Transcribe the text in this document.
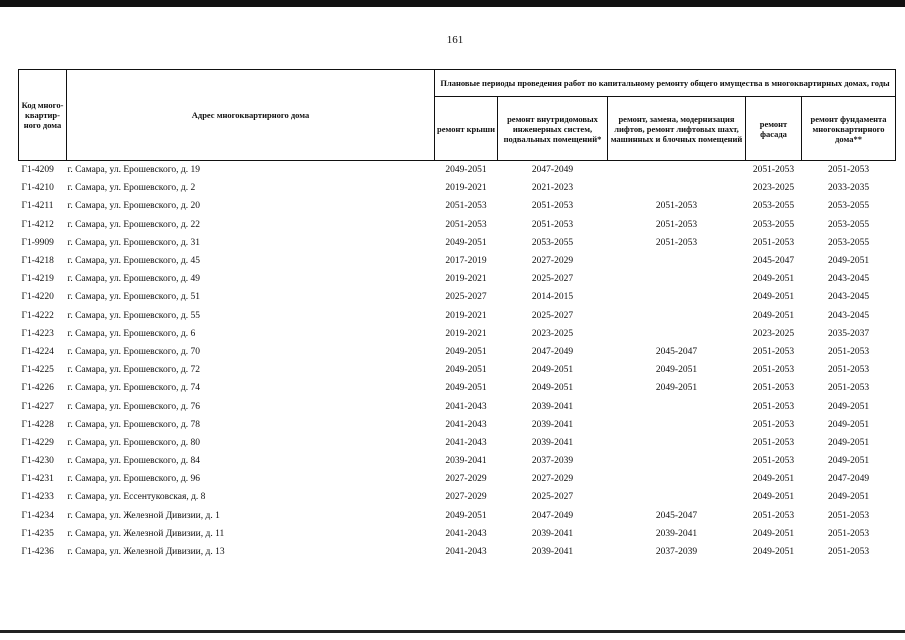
161
Код много-квартир-ного дома	Адрес многоквартирного дома	Плановые периоды проведения работ по капитальному ремонту общего имущества в многоквартирных домах, годы				
		ремонт крыши	ремонт внутридомовых инженерных систем, подвальных помещений*	ремонт, замена, модернизация лифтов, ремонт лифтовых шахт, машинных и блочных помещений	ремонт фасада	ремонт фундамента многоквартирного дома**
Г1-4209	г. Самара, ул. Ерошевского, д. 19	2049-2051	2047-2049		2051-2053	2051-2053
Г1-4210	г. Самара, ул. Ерошевского, д. 2	2019-2021	2021-2023		2023-2025	2033-2035
Г1-4211	г. Самара, ул. Ерошевского, д. 20	2051-2053	2051-2053	2051-2053	2053-2055	2053-2055
Г1-4212	г. Самара, ул. Ерошевского, д. 22	2051-2053	2051-2053	2051-2053	2053-2055	2053-2055
Г1-9909	г. Самара, ул. Ерошевского, д. 31	2049-2051	2053-2055	2051-2053	2051-2053	2053-2055
Г1-4218	г. Самара, ул. Ерошевского, д. 45	2017-2019	2027-2029		2045-2047	2049-2051
Г1-4219	г. Самара, ул. Ерошевского, д. 49	2019-2021	2025-2027		2049-2051	2043-2045
Г1-4220	г. Самара, ул. Ерошевского, д. 51	2025-2027	2014-2015		2049-2051	2043-2045
Г1-4222	г. Самара, ул. Ерошевского, д. 55	2019-2021	2025-2027		2049-2051	2043-2045
Г1-4223	г. Самара, ул. Ерошевского, д. 6	2019-2021	2023-2025		2023-2025	2035-2037
Г1-4224	г. Самара, ул. Ерошевского, д. 70	2049-2051	2047-2049	2045-2047	2051-2053	2051-2053
Г1-4225	г. Самара, ул. Ерошевского, д. 72	2049-2051	2049-2051	2049-2051	2051-2053	2051-2053
Г1-4226	г. Самара, ул. Ерошевского, д. 74	2049-2051	2049-2051	2049-2051	2051-2053	2051-2053
Г1-4227	г. Самара, ул. Ерошевского, д. 76	2041-2043	2039-2041		2051-2053	2049-2051
Г1-4228	г. Самара, ул. Ерошевского, д. 78	2041-2043	2039-2041		2051-2053	2049-2051
Г1-4229	г. Самара, ул. Ерошевского, д. 80	2041-2043	2039-2041		2051-2053	2049-2051
Г1-4230	г. Самара, ул. Ерошевского, д. 84	2039-2041	2037-2039		2051-2053	2049-2051
Г1-4231	г. Самара, ул. Ерошевского, д. 96	2027-2029	2027-2029		2049-2051	2047-2049
Г1-4233	г. Самара, ул. Ессентуковская, д. 8	2027-2029	2025-2027		2049-2051	2049-2051
Г1-4234	г. Самара, ул. Железной Дивизии, д. 1	2049-2051	2047-2049	2045-2047	2051-2053	2051-2053
Г1-4235	г. Самара, ул. Железной Дивизии, д. 11	2041-2043	2039-2041	2039-2041	2049-2051	2051-2053
Г1-4236	г. Самара, ул. Железной Дивизии, д. 13	2041-2043	2039-2041	2037-2039	2049-2051	2051-2053
